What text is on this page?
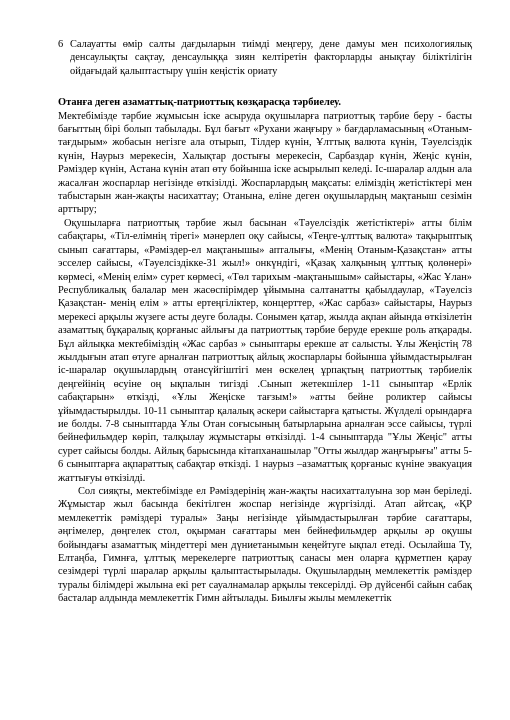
6 Салауатты өмір салты дағдыларын тиімді меңгеру, дене дамуы мен психологиялық денсаулықты сақтау, денсаулыққа зиян келтіретін факторларды анықтау біліктілігін ойдағыдай қалыптастыру үшін кеңістік ориату

Отанға деген азаматтық-патриоттық көзқарасқа тәрбиелеу.

Мектебімізде тәрбие жұмысын іске асыруда оқушыларға патриоттық тәрбие беру - басты бағыттың бірі болып табылады. Бұл бағыт «Рухани жаңғыру » бағдарламасының «Отаным-тағдырым» жобасын негізге ала отырып, Тілдер күнін, Ұлттық валюта күнін, Тәуелсіздік күнін, Наурыз мерекесін, Халықтар достығы мерекесін, Сарбаздар күнін, Жеңіс күнін, Рәміздер күнін, Астана күнін атап өту бойынша іске асырылып келеді. Іс-шаралар алдын ала жасалған жоспарлар негізінде өткізілді. Жоспарлардың мақсаты: еліміздің жетістіктері мен табыстарын жан-жақты насихаттау; Отанына, еліне деген оқушылардың мақтаныш сезімін арттыру;

Оқушыларға патриоттық тәрбие жыл басынан «Тәуелсіздік жетістіктері» атты білім сабақтары, «Тіл-елімнің тірегі» мәнерлеп оқу сайысы, «Теңге-ұлттық валюта» тақырыптық сынып сағаттары, «Рәміздер-ел мақтанышы» апталығы, «Менің Отаным-Қазақстан» атты эсселер сайысы, «Тәуелсіздікке-31 жыл!» онкүндігі, «Қазақ халқының ұлттық қолөнері» көрмесі, «Менің елім» сурет көрмесі, «Төл тарихым -мақтанышым» сайыстары, «Жас Ұлан» Республикалық балалар мен жасөспірімдер ұйымына салтанатты қабылдаулар, «Тәуелсіз Қазақстан- менің елім » атты ертеңгіліктер, концерттер, «Жас сарбаз» сайыстары, Наурыз мерекесі арқылы жүзеге асты деуге болады. Сонымен қатар, жылда ақпан айында өткізілетін азаматтық бұқаралық қорғаныс айлығы да патриоттық тәрбие беруде ерекше роль атқарады. Бұл айлықка мектебіміздің «Жас сарбаз » сыныптары ерекше ат салысты. Ұлы Жеңістің 78 жылдығын атап өтуге арналған патриоттық айлық жоспарлары бойынша ұйымдастырылған іс-шаралар оқушылардың отансүйгіштігі мен өскелең ұрпақтың патриоттық тәрбиелік деңгейінің өсуіне оң ықпалын тигізді .Сынып жетекшілер 1-11 сыныптар «Ерлік сабақтарын» өткізді, «Ұлы Жеңіске тағзым!» »атты бейне роликтер сайысы ұйымдастырылды. 10-11 сыныптар қалалық әскери сайыстарға қатысты. Жүлделі орындарға ие болды. 7-8 сыныптарда Ұлы Отан соғысының батырларына арналған эссе сайысы, түрлі бейнефильмдер көріп, талқылау жұмыстары өткізілді. 1-4 сыныптарда "Ұлы Жеңіс" атты сурет сайысы болды. Айлық барысында кітапханашылар "Отты жылдар жаңғырығы" атты 5-6 сыныптарға ақпараттық сабақтар өткізді. 1 наурыз –азаматтық қорғаныс күніне эвакуация жаттығуы өткізілді.

Сол сияқты, мектебімізде ел Рәміздерінің жан-жақты насихатталуына зор мән беріледі. Жұмыстар жыл басында бекітілген жоспар негізінде жүргізілді. Атап айтсақ, «ҚР мемлекеттік рәміздері туралы» Заңы негізінде ұйымдастырылған тәрбие сағаттары, әңгімелер, дөңгелек стол, оқырман сағаттары мен бейнефильмдер арқылы әр оқушы бойындағы азаматтық міндеттері мен дүниетанымын кеңейтуге ықпал етеді. Осылайша Ту, Елтаңба, Гимнға, ұлттық мерекелерге патриоттық санасы мен оларға құрметпен қарау сезімдері түрлі шаралар арқылы қалыптастырылады. Оқушылардың мемлекеттік рәміздер туралы білімдері жылына екі рет сауалнамалар арқылы тексерілді. Әр дүйсенбі сайын сабақ басталар алдында мемлекеттік Гимн айтылады. Биылғы жылы мемлекеттік
